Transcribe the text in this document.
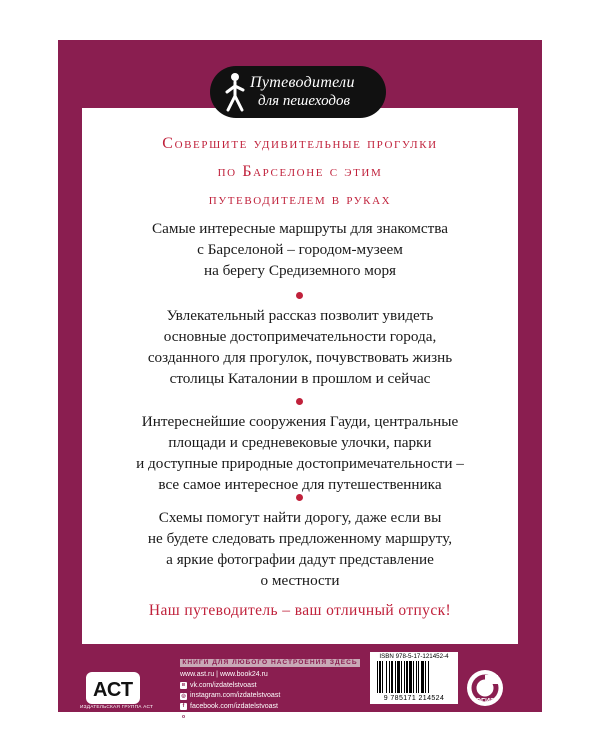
Путеводители
для пешеходов
Совершите удивительные прогулки
по Барселоне с этим
путеводителем в руках
Самые интересные маршруты для знакомства
с Барселоной – городом-музеем
на берегу Средиземного моря
Увлекательный рассказ позволит увидеть
основные достопримечательности города,
созданного для прогулок, почувствовать жизнь
столицы Каталонии в прошлом и сейчас
Интереснейшие сооружения Гауди, центральные
площади и средневековые улочки, парки
и доступные природные достопримечательности –
все самое интересное для путешественника
Схемы помогут найти дорогу, даже если вы
не будете следовать предложенному маршруту,
а яркие фотографии дадут представление
о местности
Наш путеводитель – ваш отличный отпуск!
КНИГИ ДЛЯ ЛЮБОГО НАСТРОЕНИЯ ЗДЕСЬ
АСТ
ИЗДАТЕЛЬСКАЯ ГРУППА АСТ
www.ast.ru | www.book24.ru
в vk.com/izdatelstvoast
◎ instagram.com/izdatelstvoast
f facebook.com/izdatelstvoast
о ok.ru/izdatelstvoast
ISBN 978-5-17-121452-4
9 785171 214524	ОГИЗ
